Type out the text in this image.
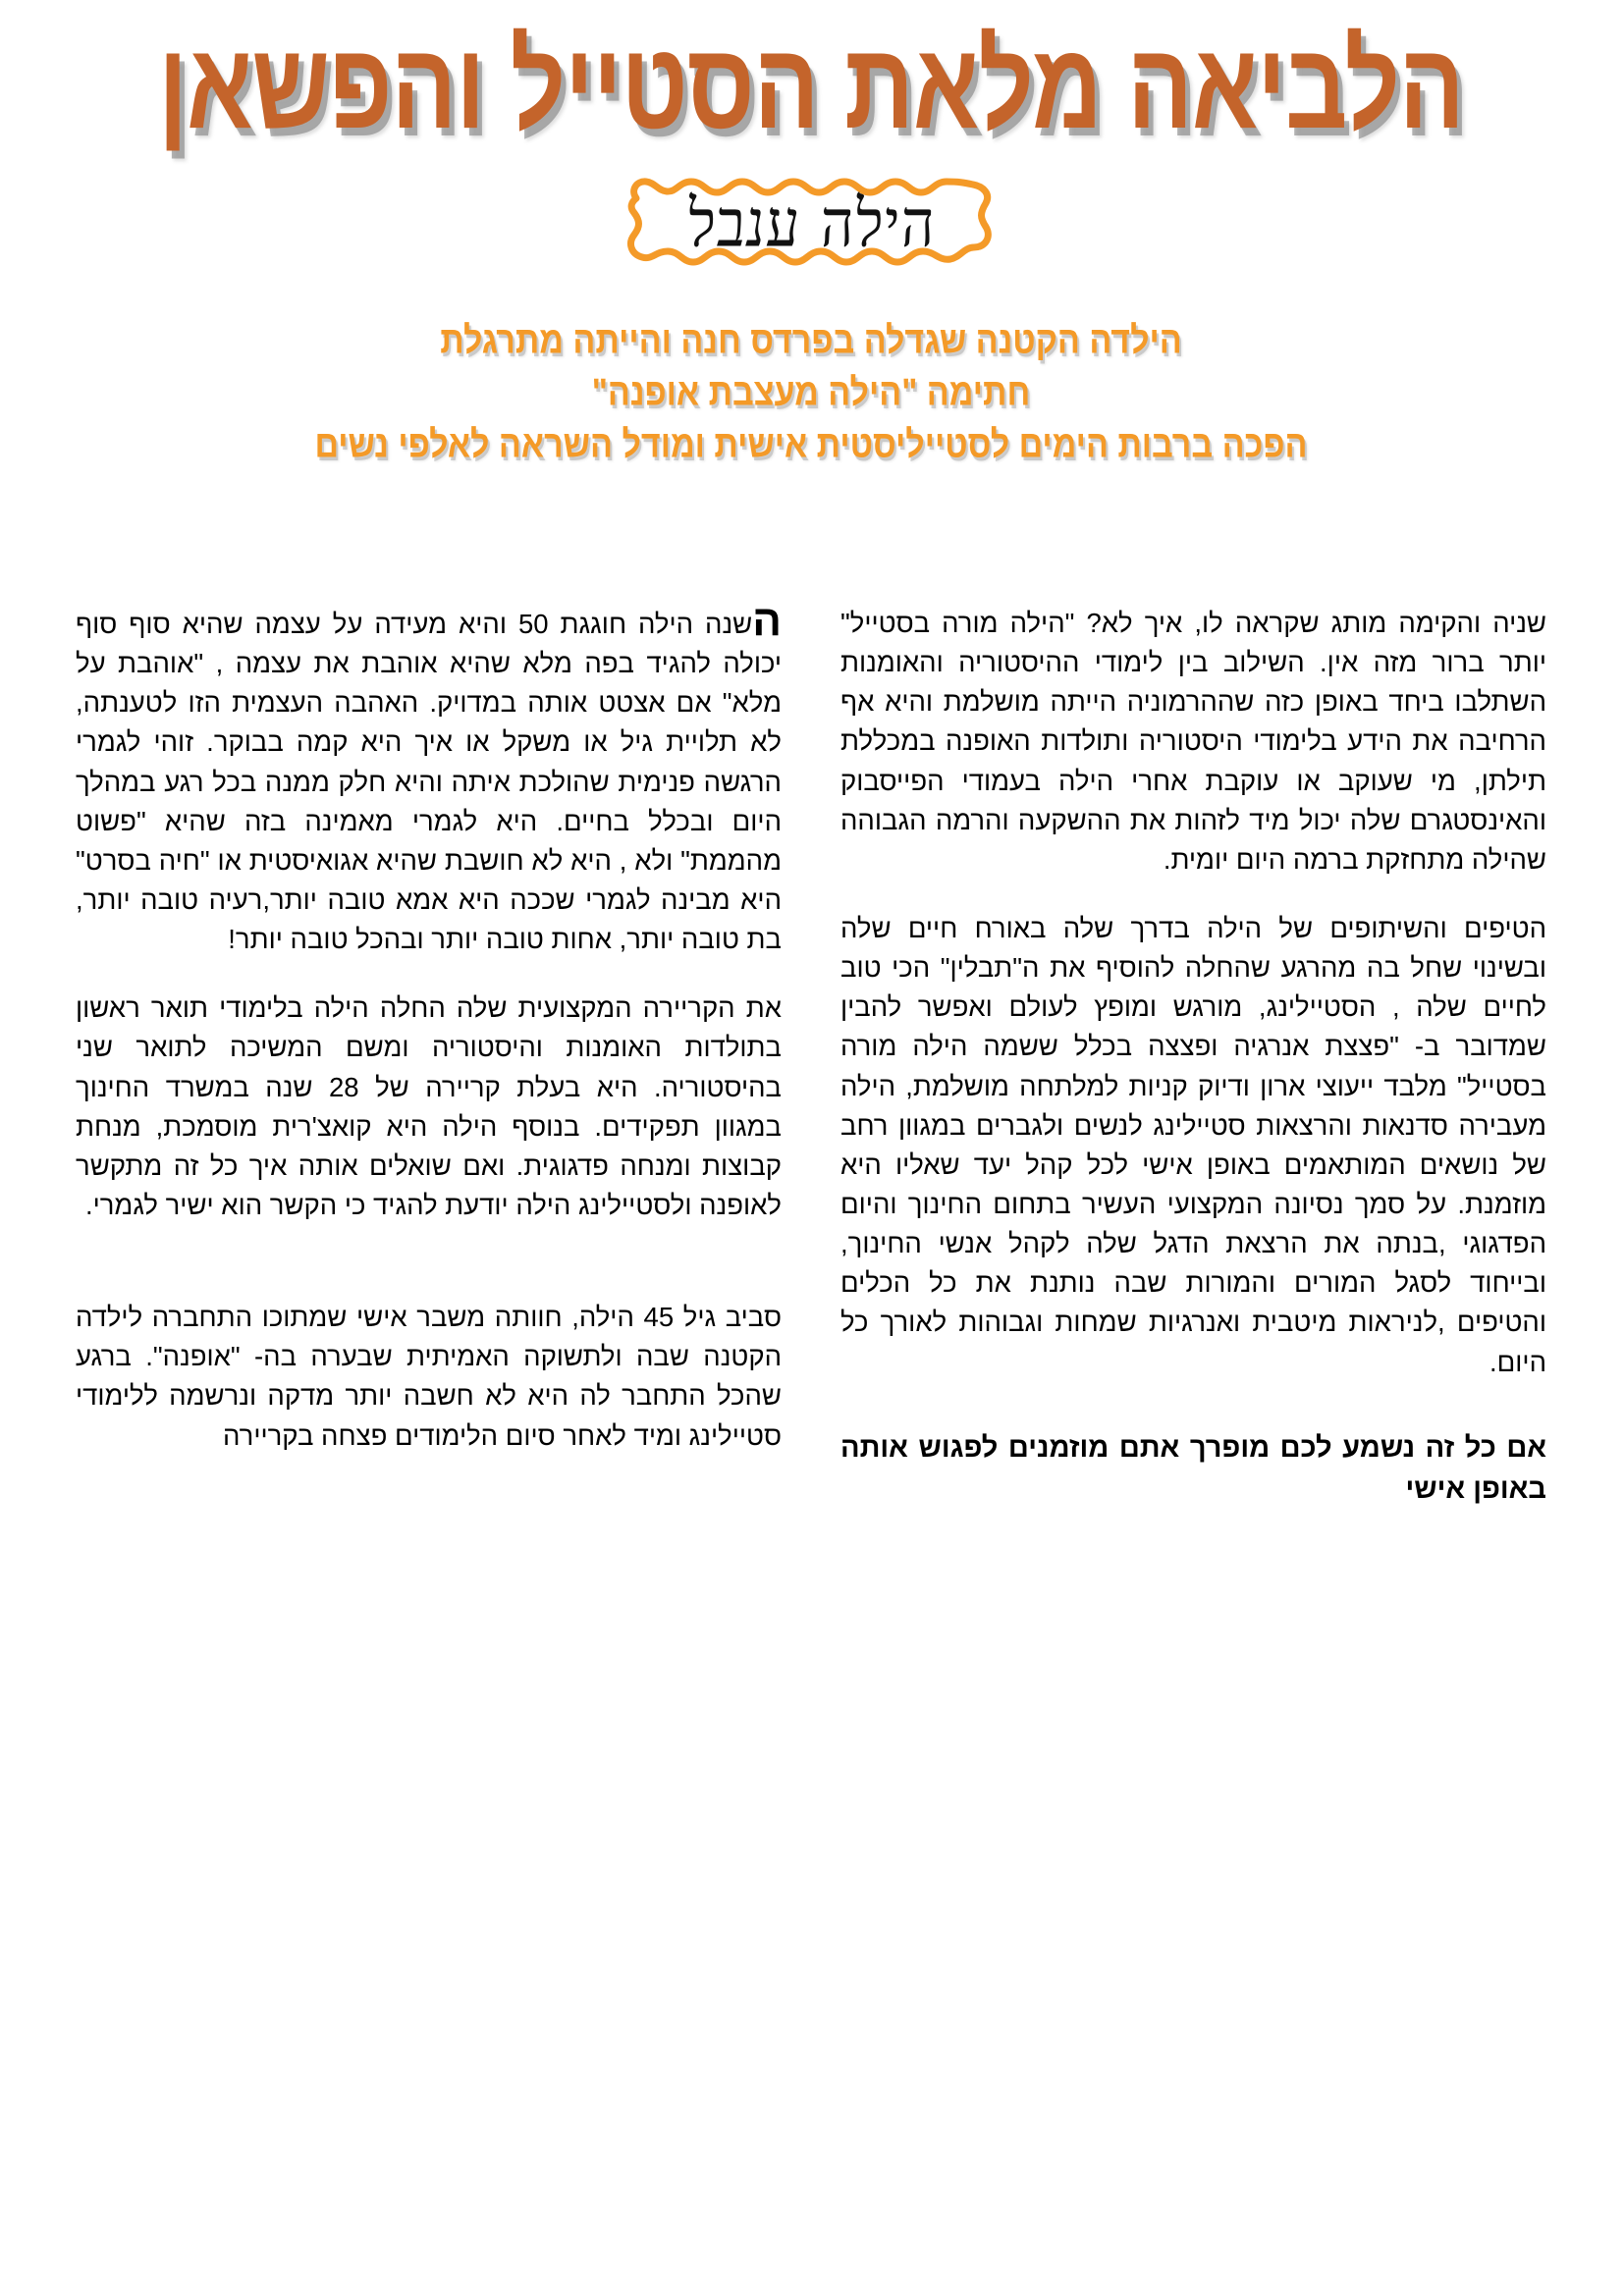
הלביאה מלאת הסטייל והפשאן
הילה ענבל
הילדה הקטנה שגדלה בפרדס חנה והייתה מתרגלת
חתימה "הילה מעצבת אופנה"
הפכה ברבות הימים לסטייליסטית אישית ומודל השראה לאלפי נשים

שניה והקימה מותג שקראה לו, איך לא? "הילה מורה בסטייל" יותר ברור מזה אין. השילוב בין לימודי ההיסטוריה והאומנות השתלבו ביחד באופן כזה שההרמוניה הייתה מושלמת והיא אף הרחיבה את הידע בלימודי היסטוריה ותולדות האופנה במכללת תילתן, מי שעוקב או עוקבת אחרי הילה בעמודי הפייסבוק והאינסטגרם שלה יכול מיד לזהות את ההשקעה והרמה הגבוהה שהילה מתחזקת ברמה היום יומית.

הטיפים והשיתופים של הילה בדרך שלה באורח חיים שלה ובשינוי שחל בה מהרגע שהחלה להוסיף את ה"תבלין" הכי טוב לחיים שלה , הסטיילינג, מורגש ומופץ לעולם ואפשר להבין שמדובר ב- "פצצת אנרגיה ופצצה בכלל ששמה הילה מורה בסטייל" מלבד ייעוצי ארון ודיוק קניות למלתחה מושלמת, הילה מעבירה סדנאות והרצאות סטיילינג לנשים ולגברים במגוון רחב של נושאים המותאמים באופן אישי לכל קהל יעד שאליו היא מוזמנת. על סמך נסיונה המקצועי העשיר בתחום החינוך והיום הפדגוגי ,בנתה את הרצאת הדגל שלה לקהל אנשי החינוך, ובייחוד לסגל המורים והמורות שבה נותנת את כל הכלים והטיפים ,לניראות מיטבית ואנרגיות שמחות וגבוהות לאורך כל היום.

אם כל זה נשמע לכם מופרך אתם מוזמנים לפגוש אותה באופן אישי

השנה הילה חוגגת 50 והיא מעידה על עצמה שהיא סוף סוף יכולה להגיד בפה מלא שהיא אוהבת את עצמה , "אוהבת על מלא" אם אצטט אותה במדויק. האהבה העצמית הזו לטענתה, לא תלויית גיל או משקל או איך היא קמה בבוקר. זוהי לגמרי הרגשה פנימית שהולכת איתה והיא חלק ממנה בכל רגע במהלך היום ובכלל בחיים. היא לגמרי מאמינה בזה שהיא "פשוט מהממת" ולא , היא לא חושבת שהיא אגואיסטית או "חיה בסרט" היא מבינה לגמרי שככה היא אמא טובה יותר,רעיה טובה יותר, בת טובה יותר, אחות טובה יותר ובהכל טובה יותר!

את הקריירה המקצועית שלה החלה הילה בלימודי תואר ראשון בתולדות האומנות והיסטוריה ומשם המשיכה לתואר שני בהיסטוריה. היא בעלת קריירה של 28 שנה במשרד החינוך במגוון תפקידים. בנוסף הילה היא קואצ'רית מוסמכת, מנחת קבוצות ומנחה פדגוגית. ואם שואלים אותה איך כל זה מתקשר לאופנה ולסטיילינג הילה יודעת להגיד כי הקשר הוא ישיר לגמרי.

סביב גיל 45 הילה, חוותה משבר אישי שמתוכו התחברה לילדה הקטנה שבה ולתשוקה האמיתית שבערה בה- "אופנה". ברגע שהכל התחבר לה היא לא חשבה יותר מדקה ונרשמה ללימודי סטיילינג ומיד לאחר סיום הלימודים פצחה בקריירה
